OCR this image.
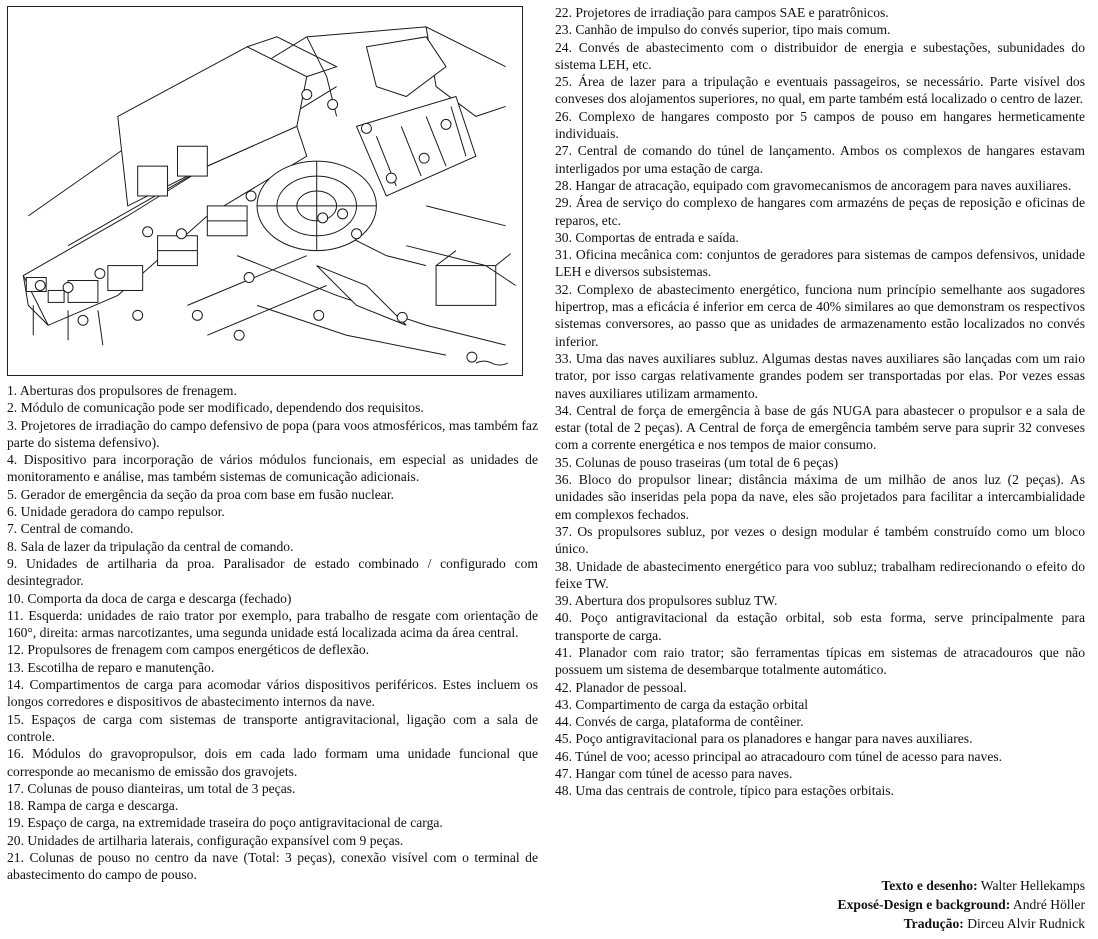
1. Aberturas dos propulsores de frenagem.

2. Módulo de comunicação pode ser modificado, dependendo dos requisitos.

3. Projetores de irradiação do campo defensivo de popa (para voos atmosféricos, mas também faz parte do sistema defensivo).

4. Dispositivo para incorporação de vários módulos funcionais, em especial as unidades de monitoramento e análise, mas também sistemas de comunicação adicionais.

5. Gerador de emergência da seção da proa com base em fusão nuclear.

6. Unidade geradora do campo repulsor.

7. Central de comando.

8. Sala de lazer da tripulação da central de comando.

9. Unidades de artilharia da proa. Paralisador de estado combinado / configurado com desintegrador.

10. Comporta da doca de carga e descarga (fechado)

11. Esquerda: unidades de raio trator por exemplo, para trabalho de resgate com orientação de 160°, direita: armas narcotizantes, uma segunda unidade está localizada acima da área central.

12. Propulsores de frenagem com campos energéticos de deflexão.

13. Escotilha de reparo e manutenção.

14. Compartimentos de carga para acomodar vários dispositivos periféricos. Estes incluem os longos corredores e dispositivos de abastecimento internos da nave.

15. Espaços de carga com sistemas de transporte antigravitacional, ligação com a sala de controle.

16. Módulos do gravopropulsor, dois em cada lado formam uma unidade funcional que corresponde ao mecanismo de emissão dos gravojets.

17. Colunas de pouso dianteiras, um total de 3 peças.

18. Rampa de carga e descarga.

19. Espaço de carga, na extremidade traseira do poço antigravitacional de carga.

20. Unidades de artilharia laterais, configuração expansível com 9 peças.

21. Colunas de pouso no centro da nave (Total: 3 peças), conexão visível com o terminal de abastecimento do campo de pouso.

22. Projetores de irradiação para campos SAE e paratrônicos.

23. Canhão de impulso do convés superior, tipo mais comum.

24. Convés de abastecimento com o distribuidor de energia e subestações, subunidades do sistema LEH, etc.

25. Área de lazer para a tripulação e eventuais passageiros, se necessário. Parte visível dos conveses dos alojamentos superiores, no qual, em parte também está localizado o centro de lazer.

26. Complexo de hangares composto por 5 campos de pouso em hangares hermeticamente individuais.

27. Central de comando do túnel de lançamento. Ambos os complexos de hangares estavam interligados por uma estação de carga.

28. Hangar de atracação, equipado com gravomecanismos de ancoragem para naves auxiliares.

29. Área de serviço do complexo de hangares com armazéns de peças de reposição e oficinas de reparos, etc.

30. Comportas de entrada e saída.

31. Oficina mecânica com: conjuntos de geradores para sistemas de campos defensivos, unidade LEH e diversos subsistemas.

32. Complexo de abastecimento energético, funciona num princípio semelhante aos sugadores hipertrop, mas a eficácia é inferior em cerca de 40% similares ao que demonstram os respectivos sistemas conversores, ao passo que as unidades de armazenamento estão localizados no convés inferior.

33. Uma das naves auxiliares subluz. Algumas destas naves auxiliares são lançadas com um raio trator, por isso cargas relativamente grandes podem ser transportadas por elas. Por vezes essas naves auxiliares utilizam armamento.

34. Central de força de emergência à base de gás NUGA para abastecer o propulsor e a sala de estar (total de 2 peças). A Central de força de emergência também serve para suprir 32 conveses com a corrente energética e nos tempos de maior consumo.

35. Colunas de pouso traseiras (um total de 6 peças)

36. Bloco do propulsor linear; distância máxima de um milhão de anos luz (2 peças). As unidades são inseridas pela popa da nave, eles são projetados para facilitar a intercambialidade em complexos fechados.

37. Os propulsores subluz, por vezes o design modular é também construído como um bloco único.

38. Unidade de abastecimento energético para voo subluz; trabalham redirecionando o efeito do feixe TW.

39. Abertura dos propulsores subluz TW.

40. Poço antigravitacional da estação orbital, sob esta forma, serve principalmente para transporte de carga.

41. Planador com raio trator; são ferramentas típicas em sistemas de atracadouros que não possuem um sistema de desembarque totalmente automático.

42. Planador de pessoal.

43. Compartimento de carga da estação orbital

44. Convés de carga, plataforma de contêiner.

45. Poço antigravitacional para os planadores e hangar para naves auxiliares.

46. Túnel de voo; acesso principal ao atracadouro com túnel de acesso para naves.

47. Hangar com túnel de acesso para naves.

48. Uma das centrais de controle, típico para estações orbitais.

Texto e desenho: Walter Hellekamps
Exposé-Design e background: André Höller
Tradução: Dirceu Alvir Rudnick
